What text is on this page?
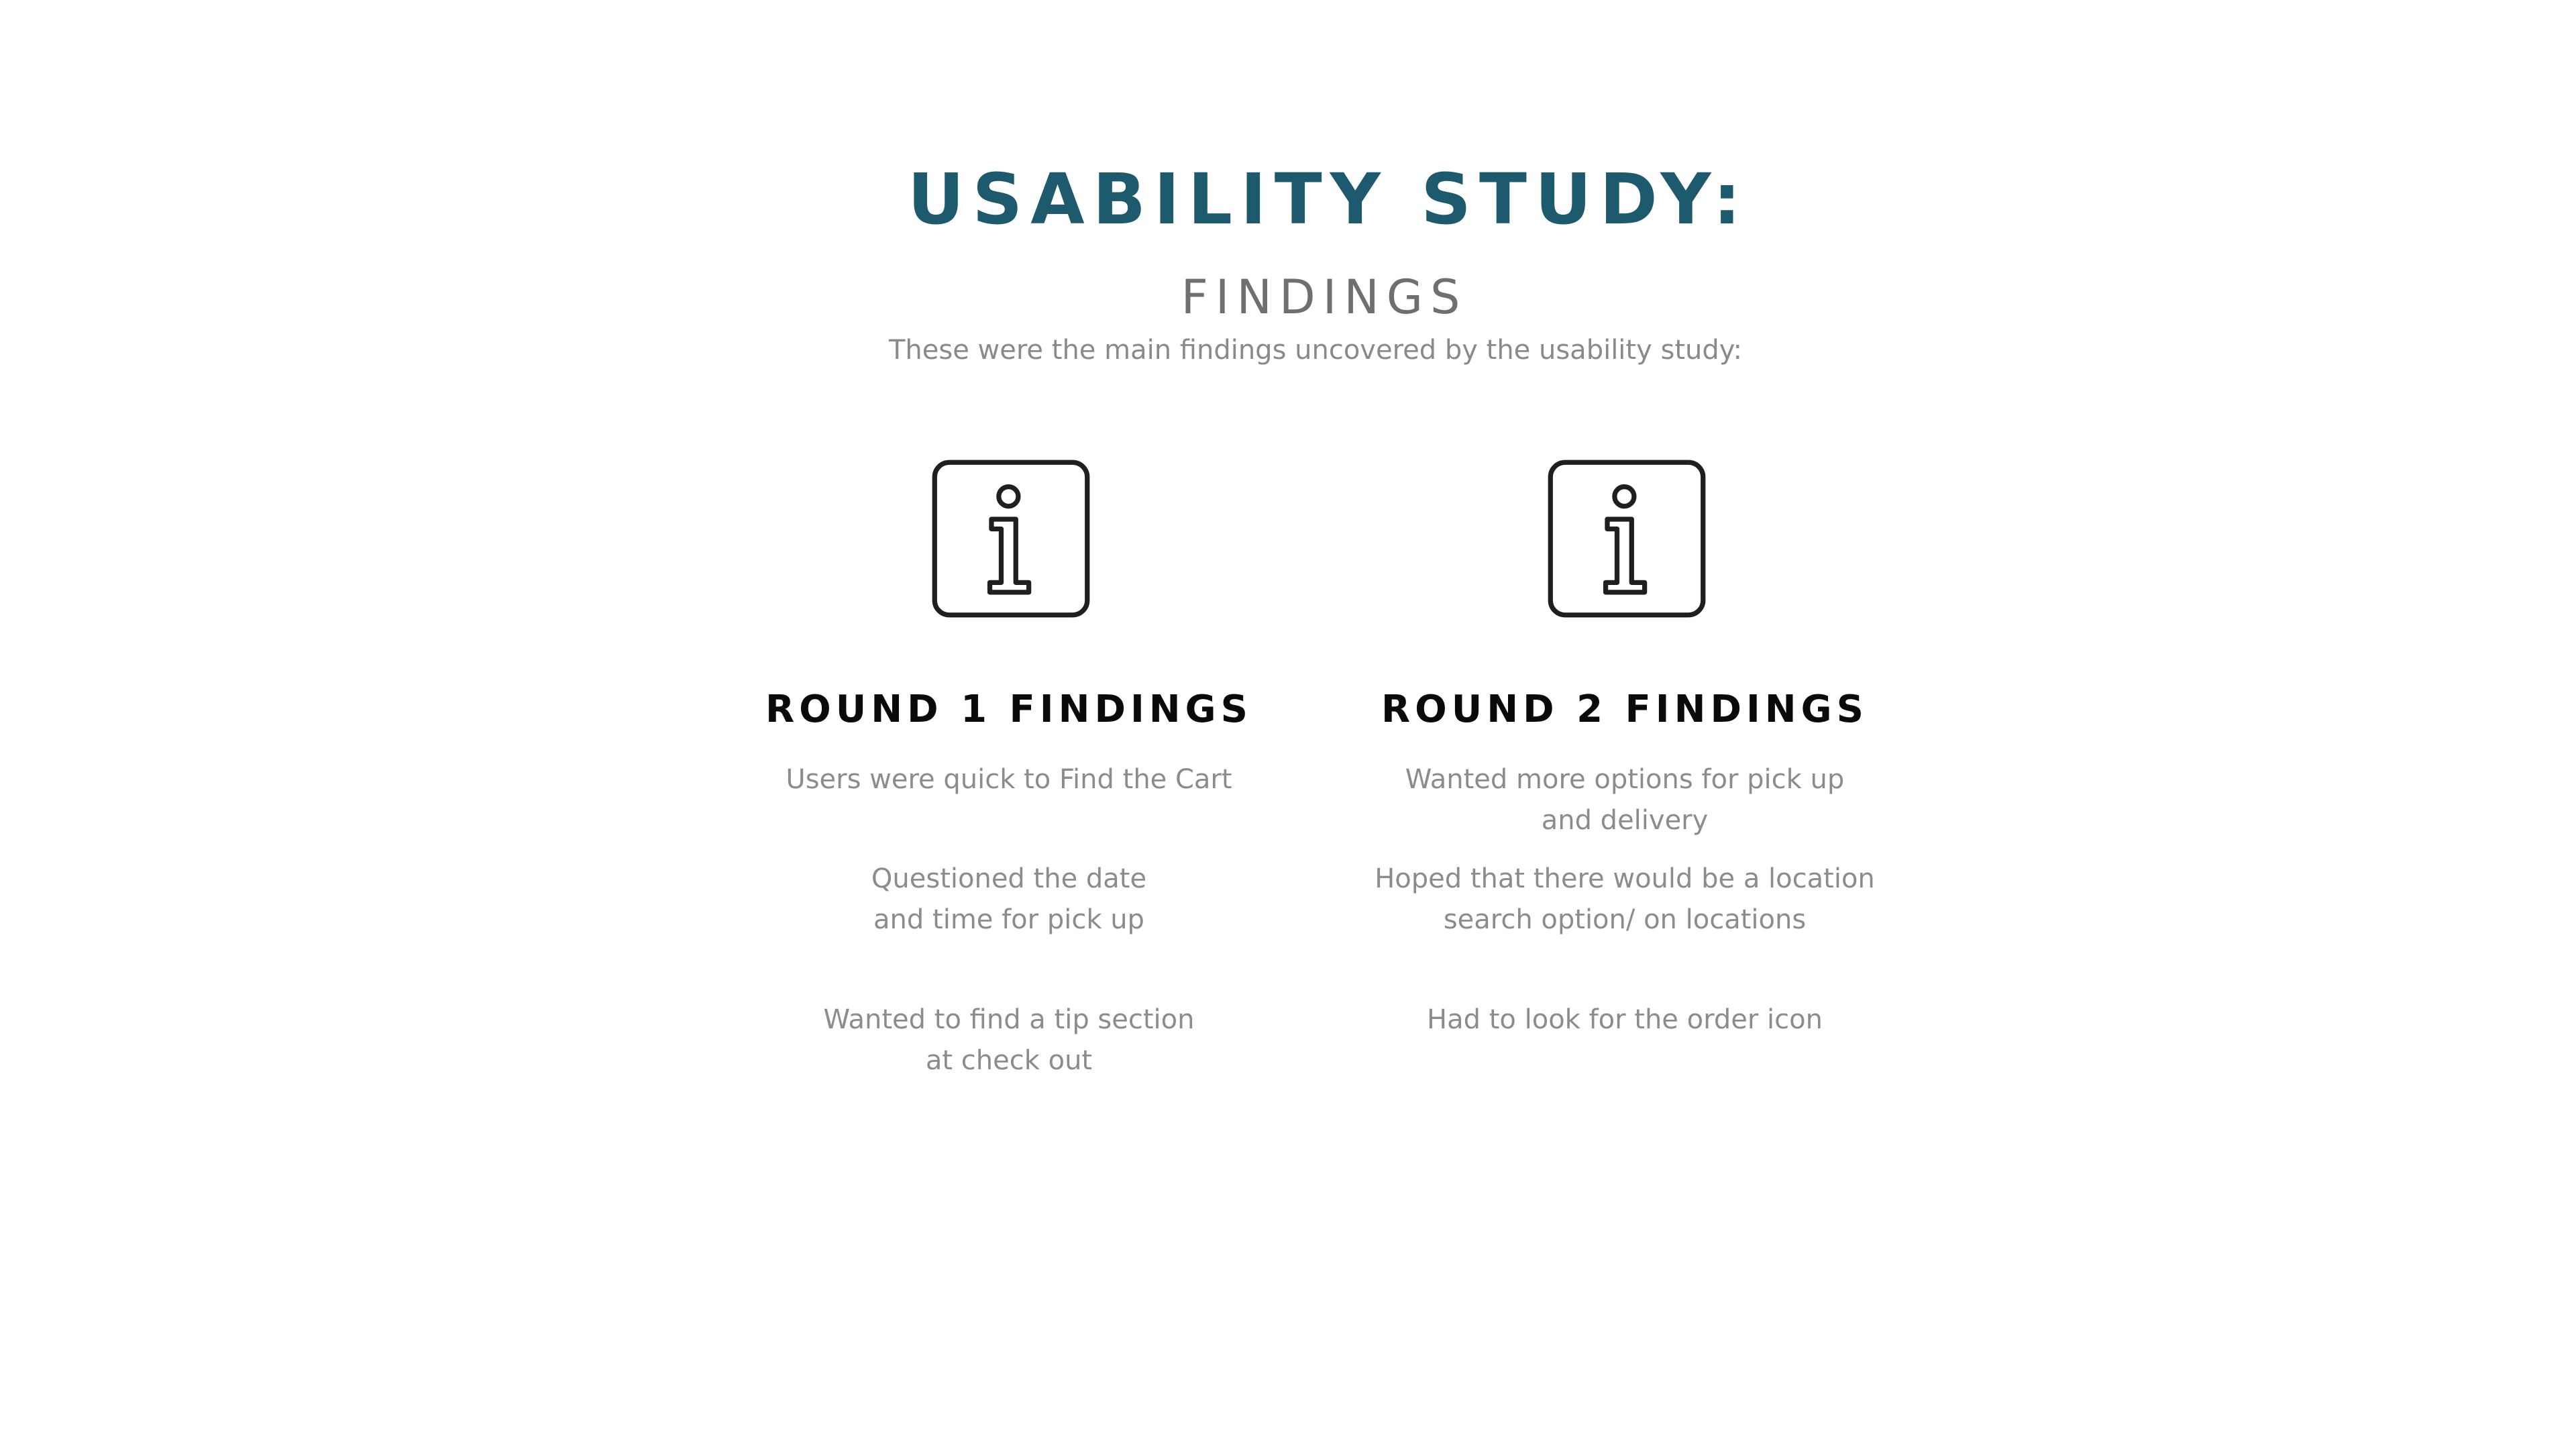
USABILITY STUDY:
FINDINGS

These were the main findings uncovered by the usability study:

ROUND 1 FINDINGS

Users were quick to Find the Cart

Questioned the date
and time for pick up

Wanted to find a tip section
at check out

ROUND 2 FINDINGS

Wanted more options for pick up
and delivery

Hoped that there would be a location
search option/ on locations

Had to look for the order icon
